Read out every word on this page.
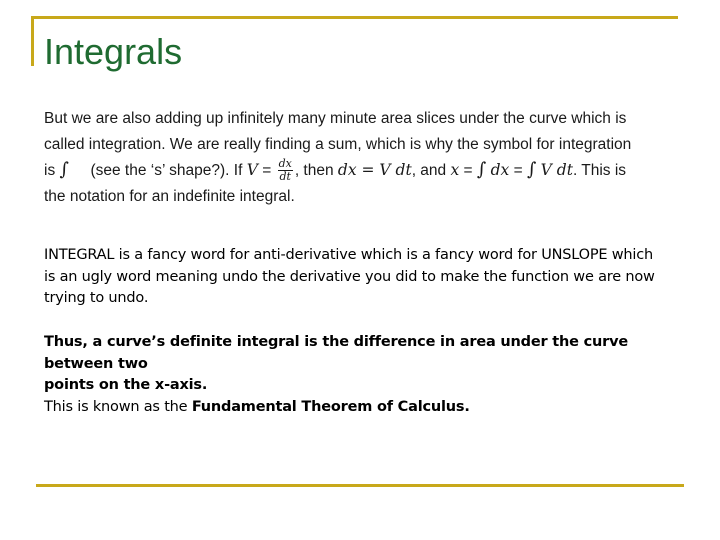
Integrals
But we are also adding up infinitely many minute area slices under the curve which is
called integration. We are really finding a sum, which is why the symbol for integration
is ∫ (see the ‘s’ shape?). If $V = \frac{dx}{dt}$ , then dx = V dt, and x = ∫ dx = ∫ V dt. This is
the notation for an indefinite integral.
INTEGRAL is a fancy word for anti-derivative which is a fancy word for UNSLOPE which
is an ugly word meaning undo the derivative you did to make the function we are now
trying to undo.
Thus, a curve’s definite integral is the difference in area under the curve between two
points on the x-axis.
This is known as the Fundamental Theorem of Calculus.
